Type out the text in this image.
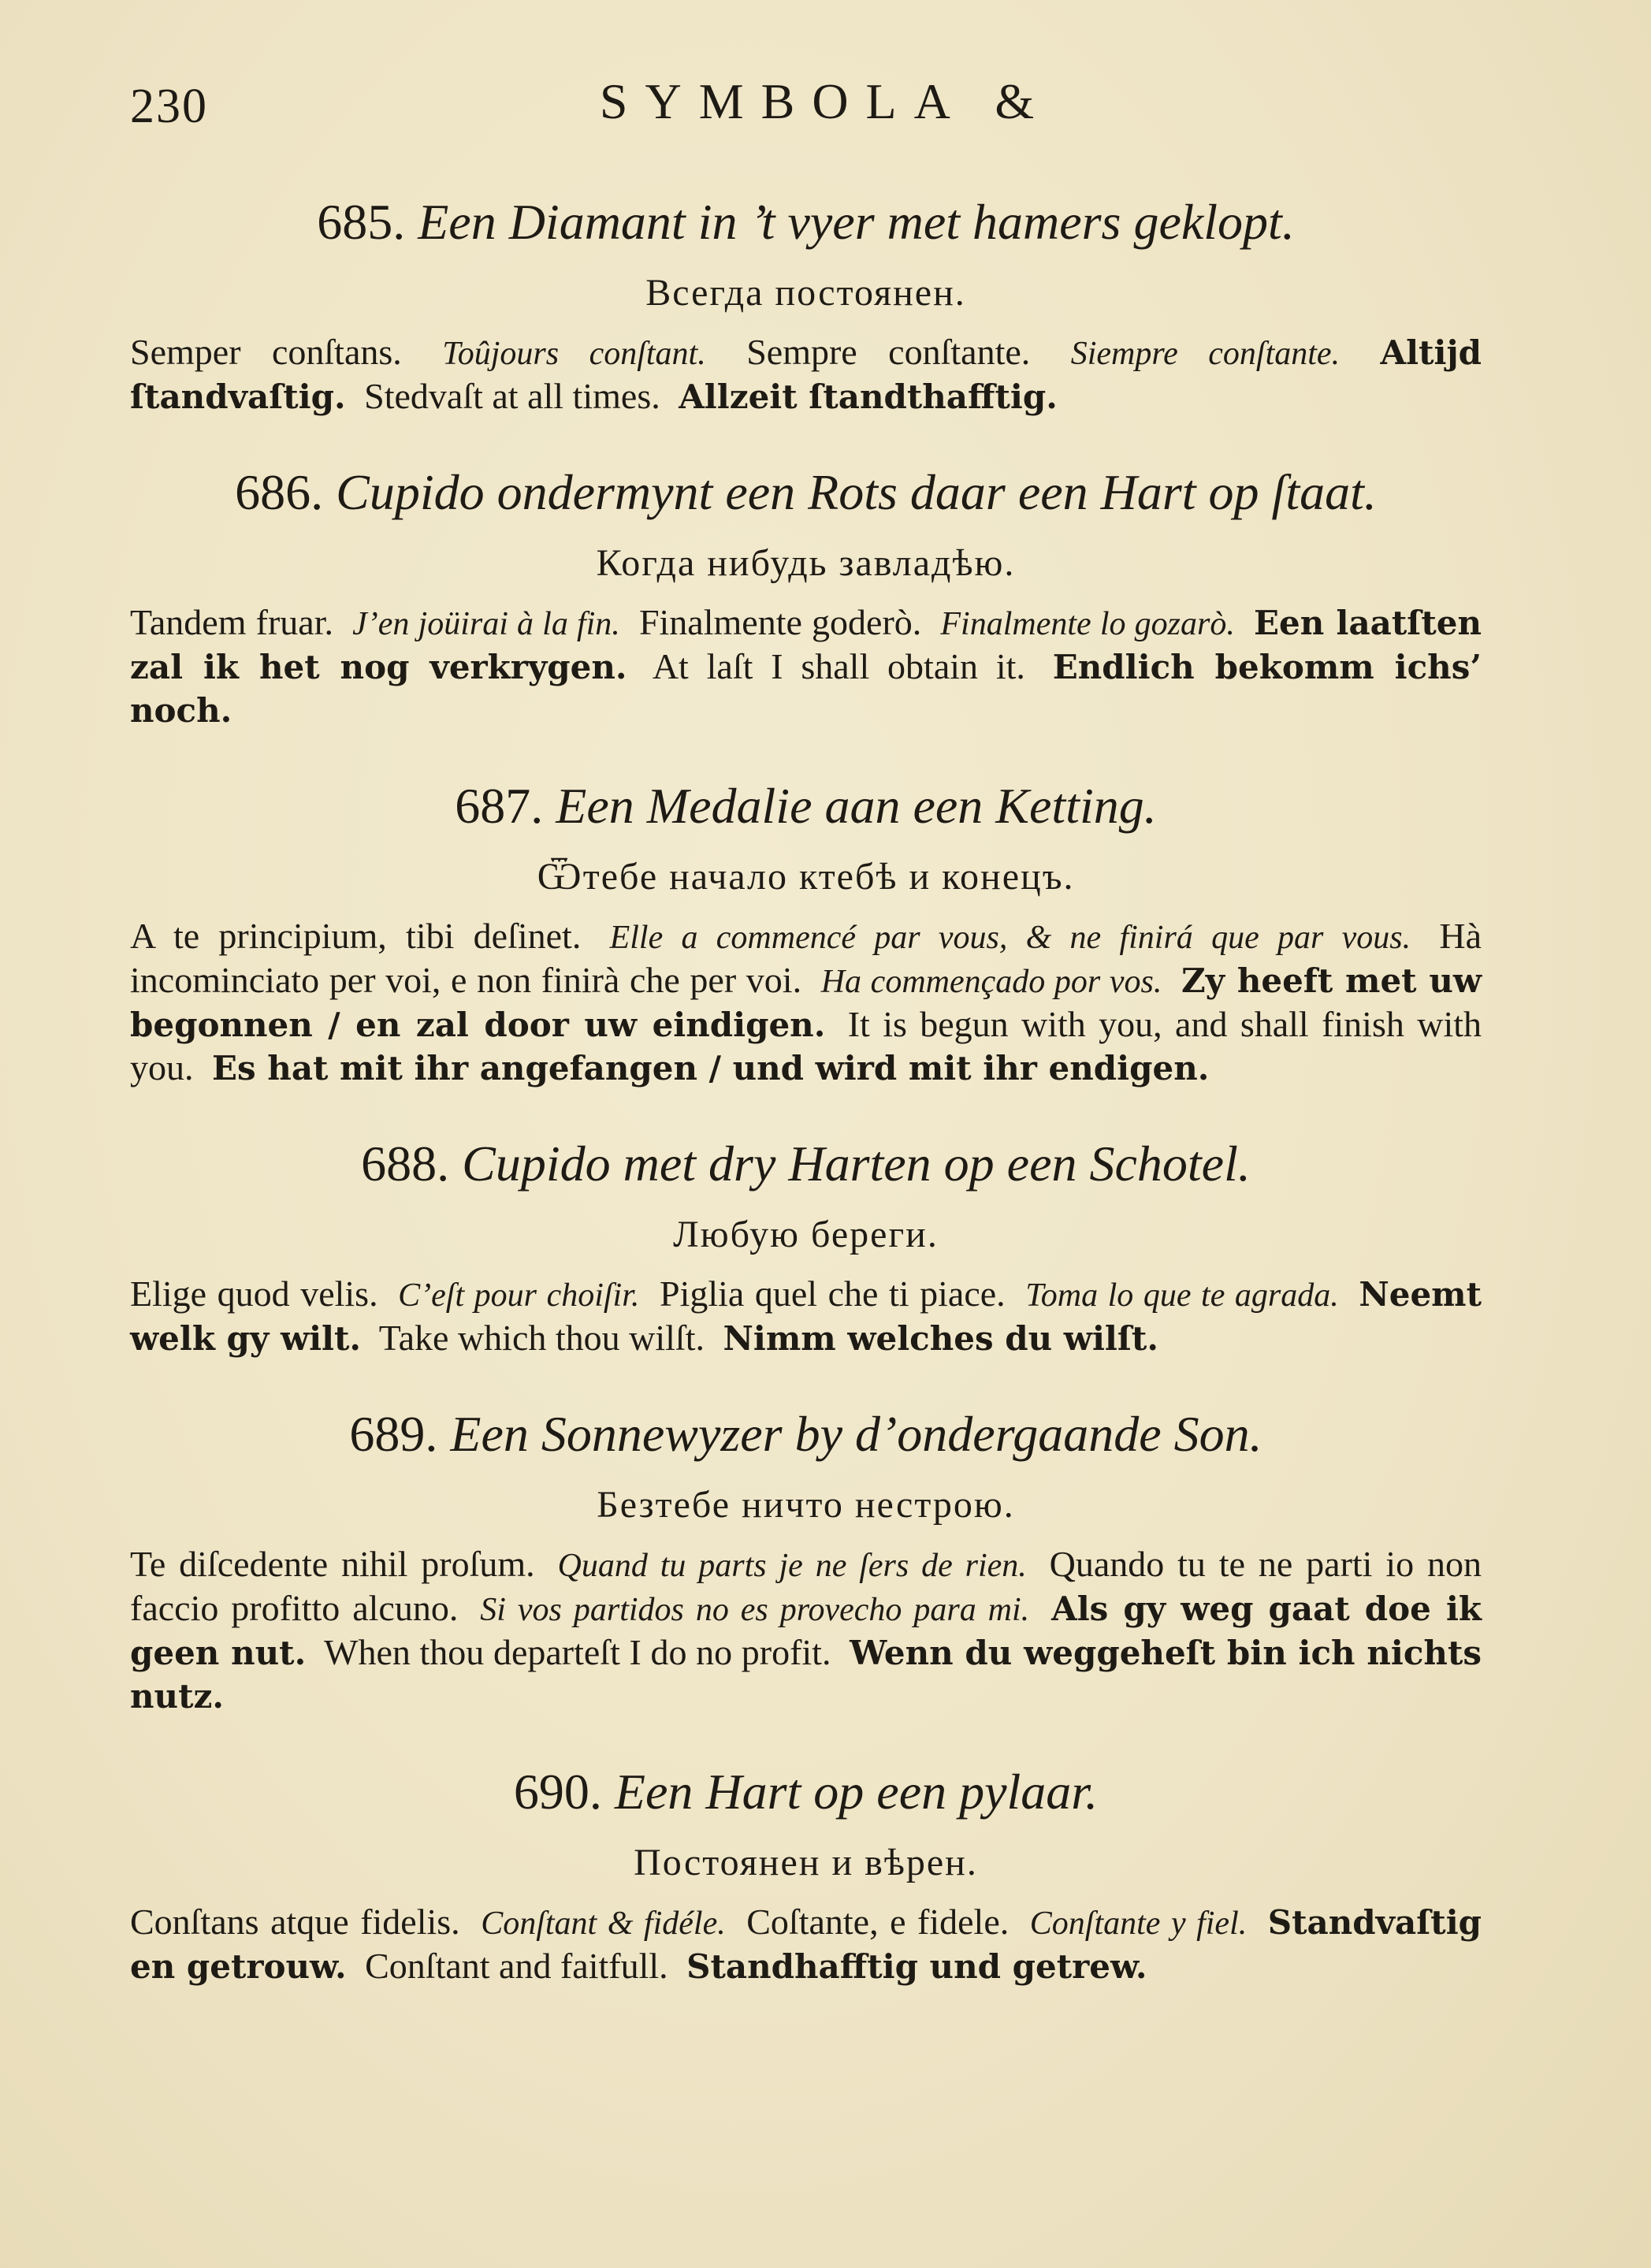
230	SYMBOLA &
685. Een Diamant in ’t vyer met hamers geklopt.
Всегда постоянен.

Semper conſtans. Toûjours conſtant. Sempre conſtante. Siempre conſtante. Altijd ſtandvaſtig. Stedvaſt at all times. Allzeit ſtandthafftig.

686. Cupido ondermynt een Rots daar een Hart op ſtaat.
Когда нибудь завладѣю.

Tandem fruar. J’en joüirai à la fin. Finalmente goderò. Finalmente lo gozarò. Een laatſten zal ik het nog verkrygen. At laſt I shall obtain it. Endlich bekomm ichs’ noch.

687. Een Medalie aan een Ketting.
Ѿтебе начало ктебѣ и конецъ.

A te principium, tibi deſinet. Elle a commencé par vous, & ne finirá que par vous. Hà incominciato per voi, e non finirà che per voi. Ha commençado por vos. Zy heeft met uw begonnen / en zal door uw eindigen. It is begun with you, and shall finish with you. Es hat mit ihr angefangen / und wird mit ihr endigen.

688. Cupido met dry Harten op een Schotel.
Любую береги.

Elige quod velis. C’eſt pour choiſir. Piglia quel che ti piace. Toma lo que te agrada. Neemt welk gy wilt. Take which thou wilſt. Nimm welches du wilſt.

689. Een Sonnewyzer by d’ondergaande Son.
Безтебе ничто нестрою.

Te diſcedente nihil proſum. Quand tu parts je ne ſers de rien. Quando tu te ne parti io non faccio profitto alcuno. Si vos partidos no es provecho para mi. Als gy weg gaat doe ik geen nut. When thou departeſt I do no profit. Wenn du weggeheſt bin ich nichts nutz.

690. Een Hart op een pylaar.
Постоянен и вѣрен.

Conſtans atque fidelis. Conſtant & fidéle. Coſtante, e fidele. Conſtante y fiel. Standvaſtig en getrouw. Conſtant and faitfull. Standhafftig und getrew.
